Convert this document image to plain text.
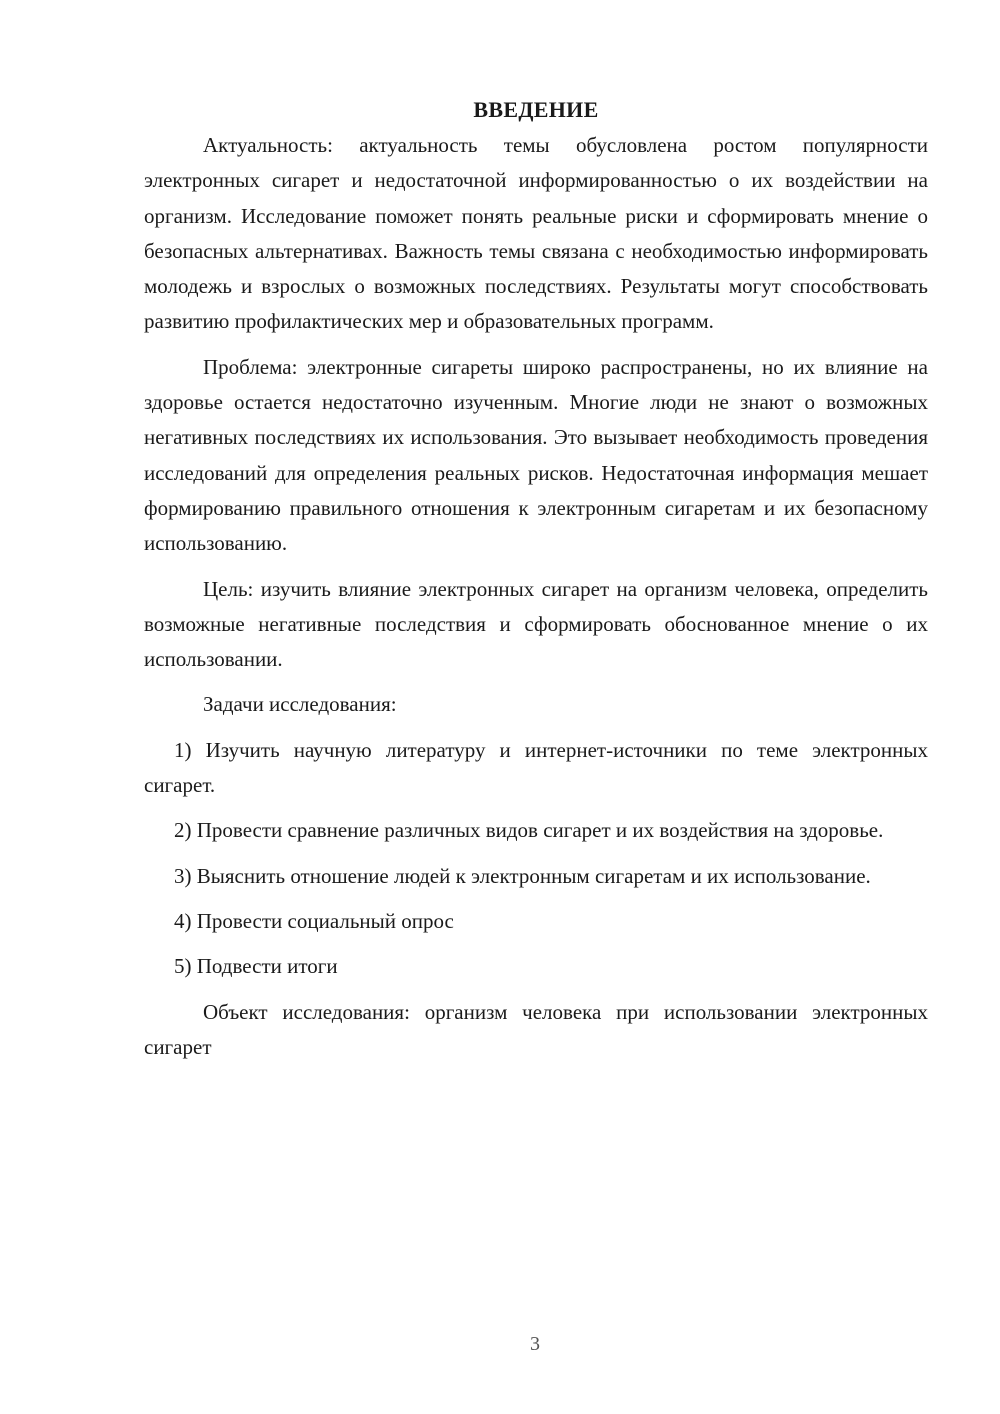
ВВЕДЕНИЕ

Актуальность: актуальность темы обусловлена ростом популярности электронных сигарет и недостаточной информированностью о их воздействии на организм. Исследование поможет понять реальные риски и сформировать мнение о безопасных альтернативах. Важность темы связана с необходимостью информировать молодежь и взрослых о возможных последствиях. Результаты могут способствовать развитию профилактических мер и образовательных программ.

Проблема: электронные сигареты широко распространены, но их влияние на здоровье остается недостаточно изученным. Многие люди не знают о возможных негативных последствиях их использования. Это вызывает необходимость проведения исследований для определения реальных рисков. Недостаточная информация мешает формированию правильного отношения к электронным сигаретам и их безопасному использованию.

Цель: изучить влияние электронных сигарет на организм человека, определить возможные негативные последствия и сформировать обоснованное мнение о их использовании.

Задачи исследования:

1) Изучить научную литературу и интернет-источники по теме электронных сигарет.

2) Провести сравнение различных видов сигарет и их воздействия на здоровье.

3) Выяснить отношение людей к электронным сигаретам и их использование.

4) Провести социальный опрос

5) Подвести итоги

Объект исследования: организм человека при использовании электронных сигарет

3
